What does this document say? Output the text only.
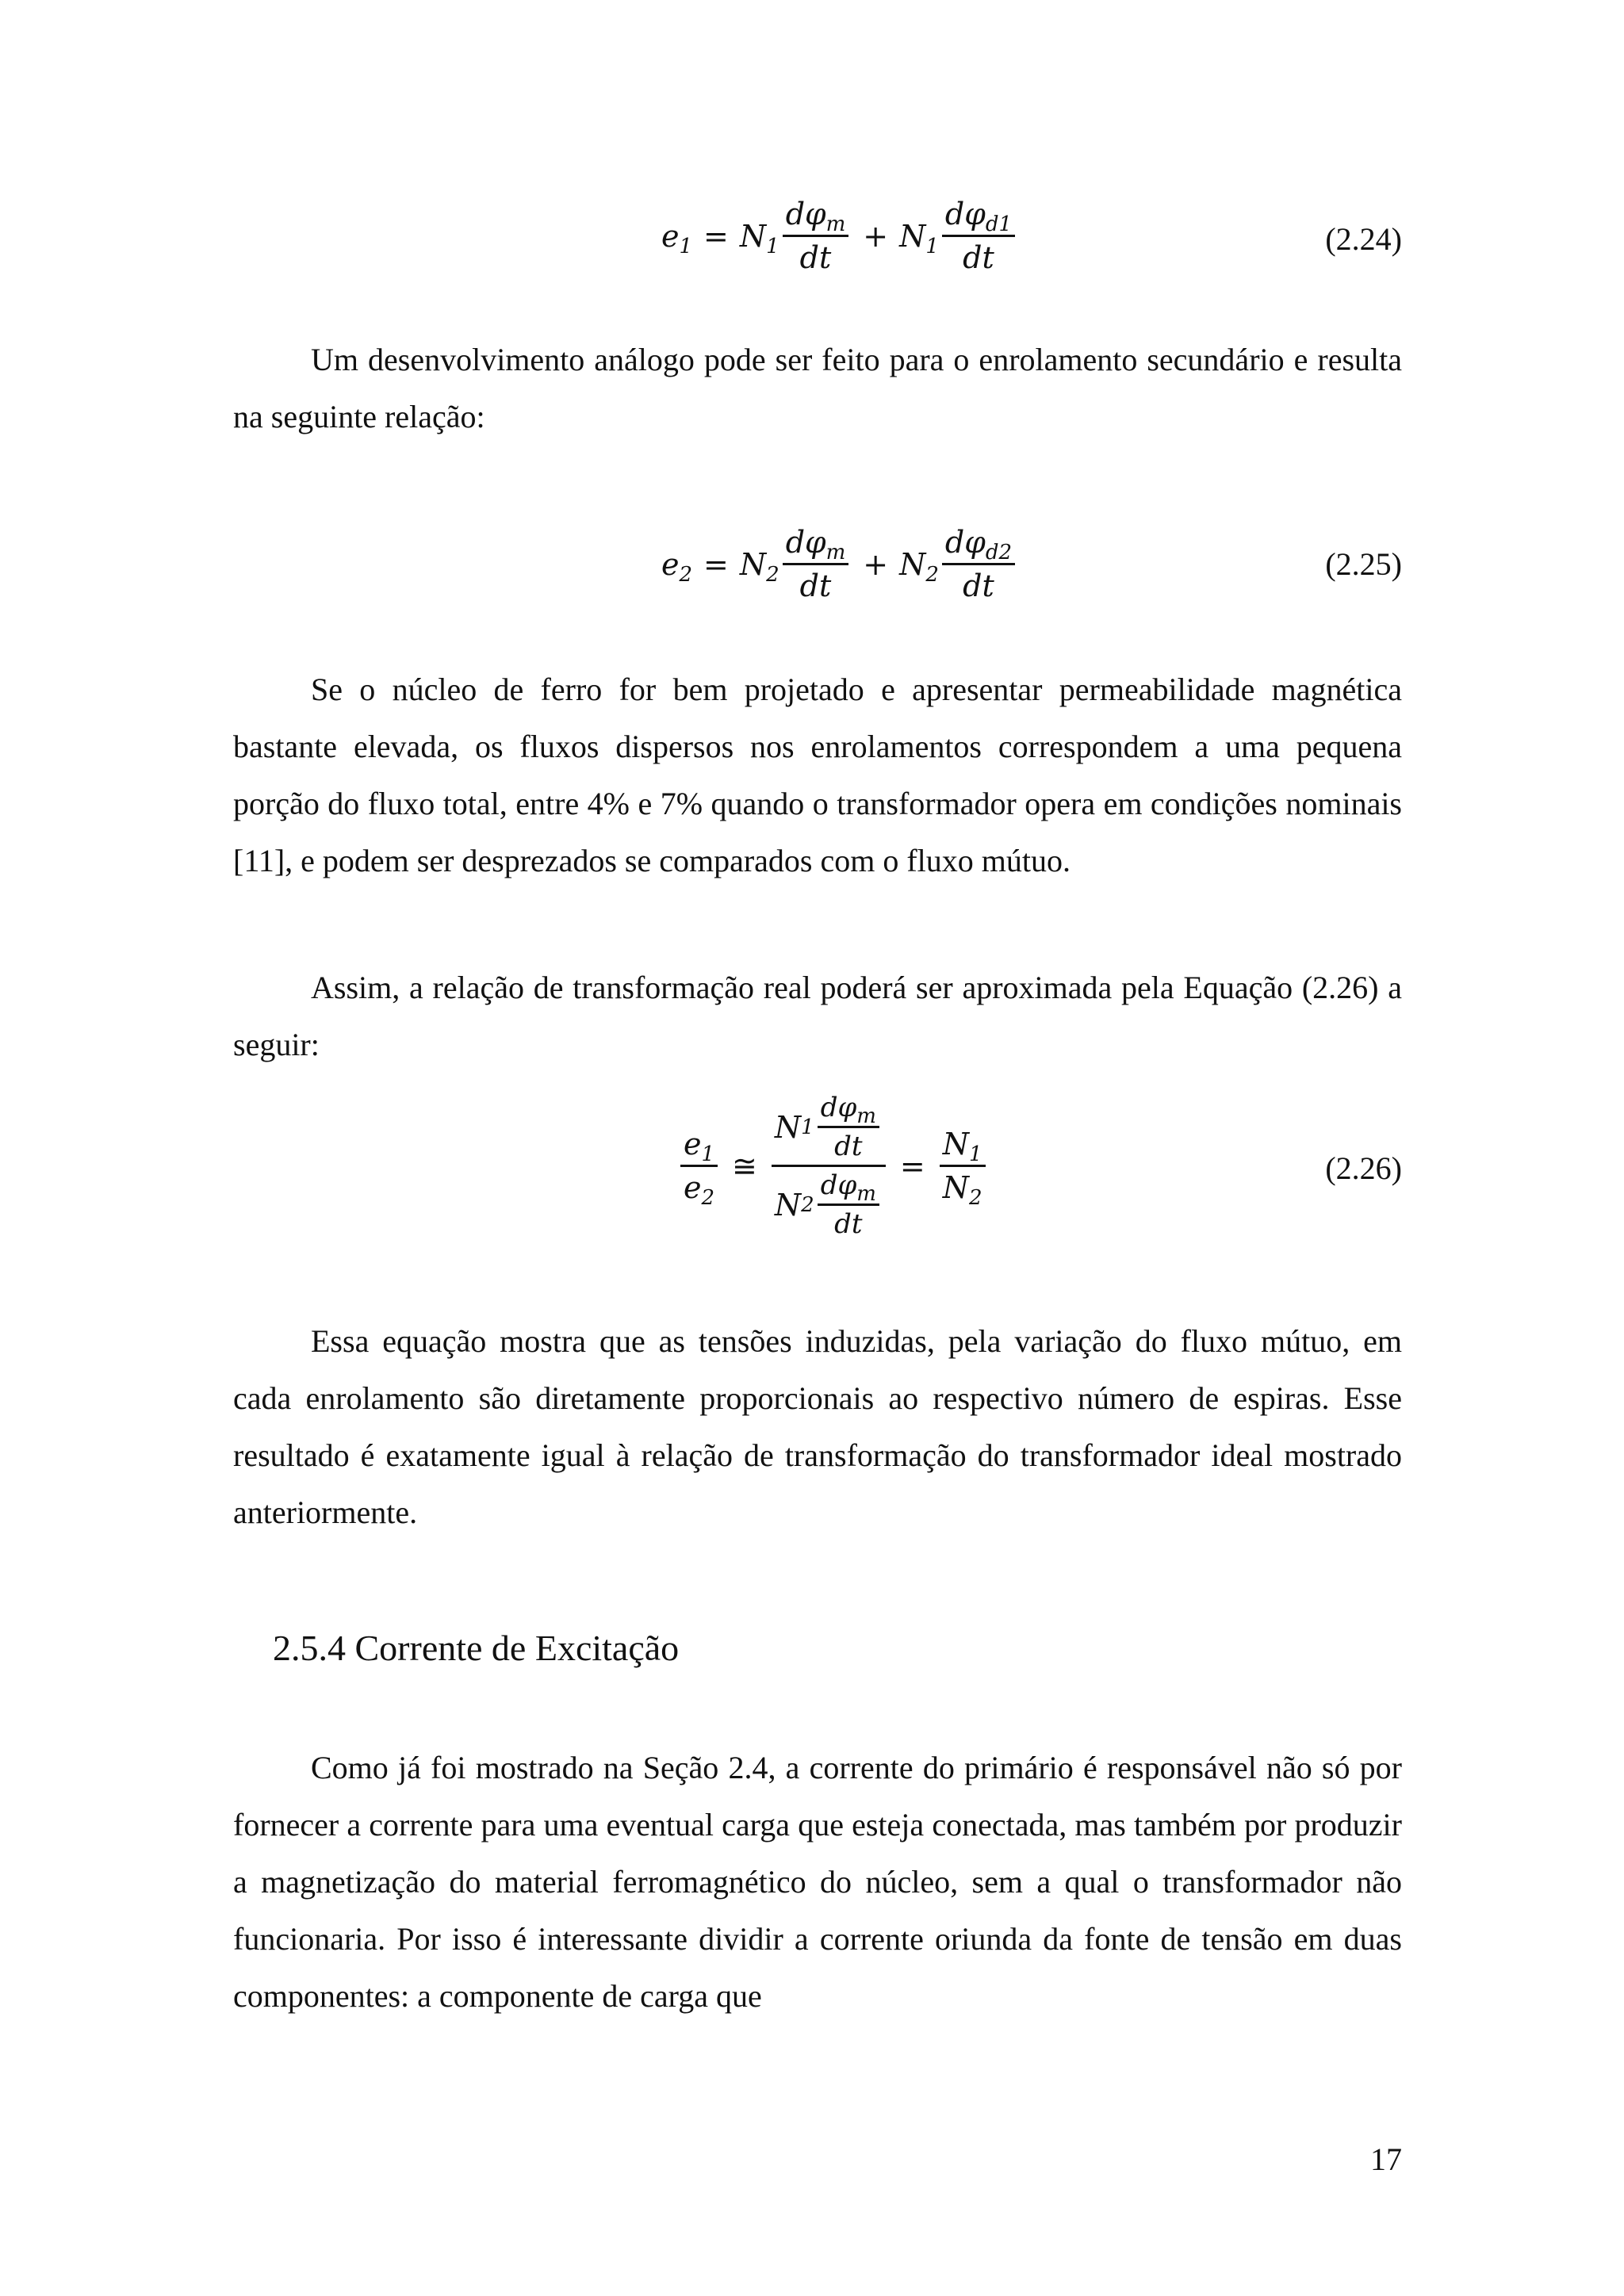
$e_1 = N_1 \frac{d\varphi_m}{dt} + N_1 \frac{d\varphi_{d1}}{dt}$	(2.24)

Um desenvolvimento análogo pode ser feito para o enrolamento secundário e resulta na seguinte relação:

$e_2 = N_2 \frac{d\varphi_m}{dt} + N_2 \frac{d\varphi_{d2}}{dt}$	(2.25)

Se o núcleo de ferro for bem projetado e apresentar permeabilidade magnética bastante elevada, os fluxos dispersos nos enrolamentos correspondem a uma pequena porção do fluxo total, entre 4% e 7% quando o transformador opera em condições nominais [11], e podem ser desprezados se comparados com o fluxo mútuo.

Assim, a relação de transformação real poderá ser aproximada pela Equação (2.26) a seguir:

$\frac{e_1}{e_2}$ ≅ $\frac{N 1 \frac{d\varphi_m}{dt}}{N 2 \frac{d\varphi_m}{dt}} = \frac{N_1}{N_2}$	(2.26)

Essa equação mostra que as tensões induzidas, pela variação do fluxo mútuo, em cada enrolamento são diretamente proporcionais ao respectivo número de espiras. Esse resultado é exatamente igual à relação de transformação do transformador ideal mostrado anteriormente.

2.5.4 Corrente de Excitação

Como já foi mostrado na Seção 2.4, a corrente do primário é responsável não só por fornecer a corrente para uma eventual carga que esteja conectada, mas também por produzir a magnetização do material ferromagnético do núcleo, sem a qual o transformador não funcionaria. Por isso é interessante dividir a corrente oriunda da fonte de tensão em duas componentes: a componente de carga que

17
